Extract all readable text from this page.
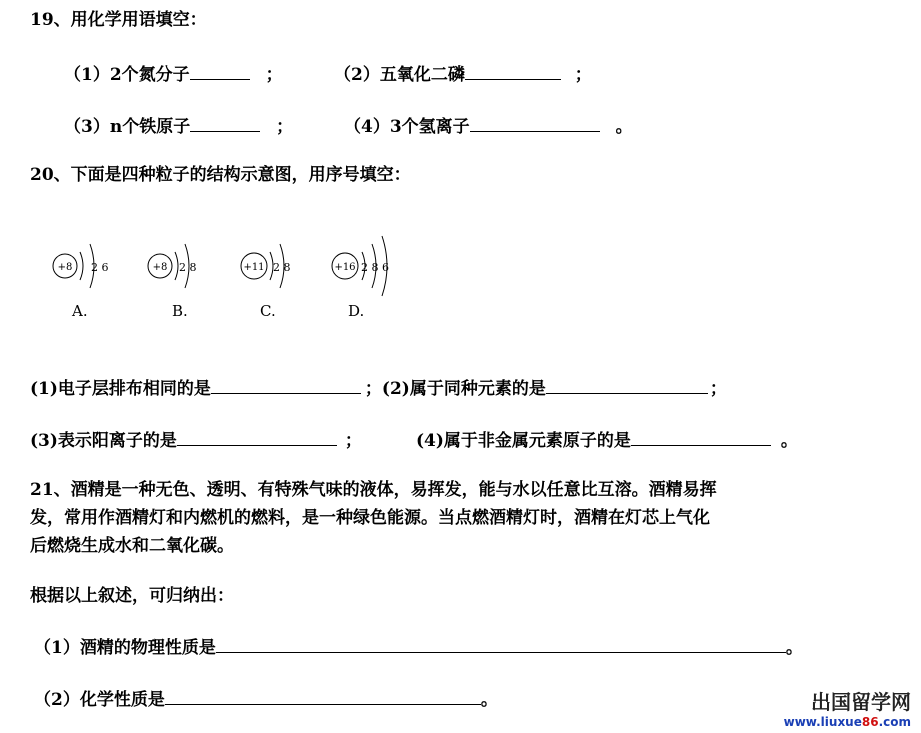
19、用化学用语填空：
（1）2个氮分子	；	（2）五氧化二磷	；
（3）n个铁原子	；	（4）3个氢离子	。
20、下面是四种粒子的结构示意图，用序号填空：
+8 2 6
A.
+8 2 8
B.
+11 2 8
C.
+16 2 8 6
D.
(1)电子层排布相同的是	；(2)属于同种元素的是	；
(3)表示阳离子的是	；	(4)属于非金属元素原子的是	。
21、酒精是一种无色、透明、有特殊气味的液体，易挥发，能与水以任意比互溶。酒精易挥
发，常用作酒精灯和内燃机的燃料，是一种绿色能源。当点燃酒精灯时，酒精在灯芯上气化
后燃烧生成水和二氧化碳。
根据以上叙述，可归纳出：
（1）酒精的物理性质是	。
（2）化学性质是	。	出国留学网
www.liuxue86.com
